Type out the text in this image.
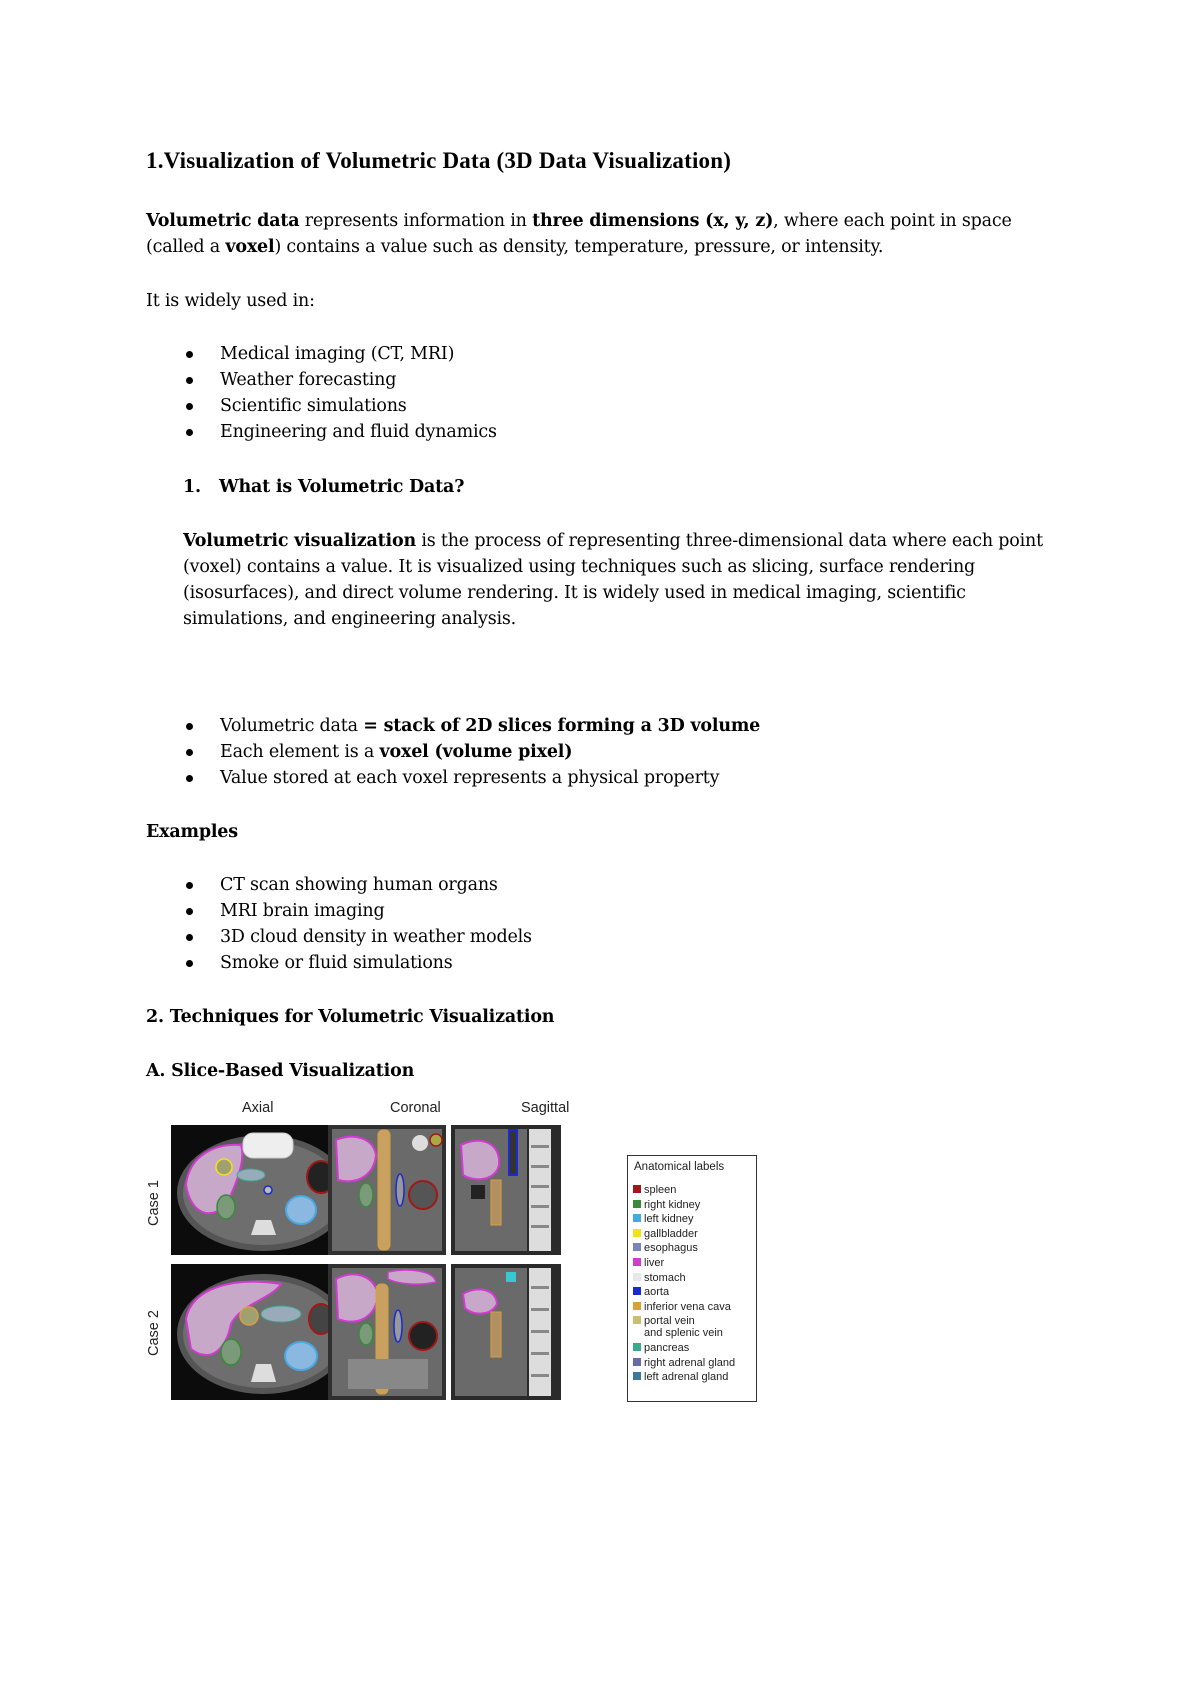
1.Visualization of Volumetric Data (3D Data Visualization)
Volumetric data represents information in three dimensions (x, y, z), where each point in space
(called a voxel) contains a value such as density, temperature, pressure, or intensity.
It is widely used in:
Medical imaging (CT, MRI)
Weather forecasting
Scientific simulations
Engineering and fluid dynamics
1. What is Volumetric Data?
Volumetric visualization is the process of representing three-dimensional data where each point
(voxel) contains a value. It is visualized using techniques such as slicing, surface rendering
(isosurfaces), and direct volume rendering. It is widely used in medical imaging, scientific
simulations, and engineering analysis.
Volumetric data = stack of 2D slices forming a 3D volume
Each element is a voxel (volume pixel)
Value stored at each voxel represents a physical property
Examples
CT scan showing human organs
MRI brain imaging
3D cloud density in weather models
Smoke or fluid simulations
2. Techniques for Volumetric Visualization
A. Slice-Based Visualization
Axial	Coronal	Sagittal
Case 1
Case 2
Anatomical labels
spleen
right kidney
left kidney
gallbladder
esophagus
liver
stomach
aorta
inferior vena cava
portal vein
and splenic vein
pancreas
right adrenal gland
left adrenal gland
